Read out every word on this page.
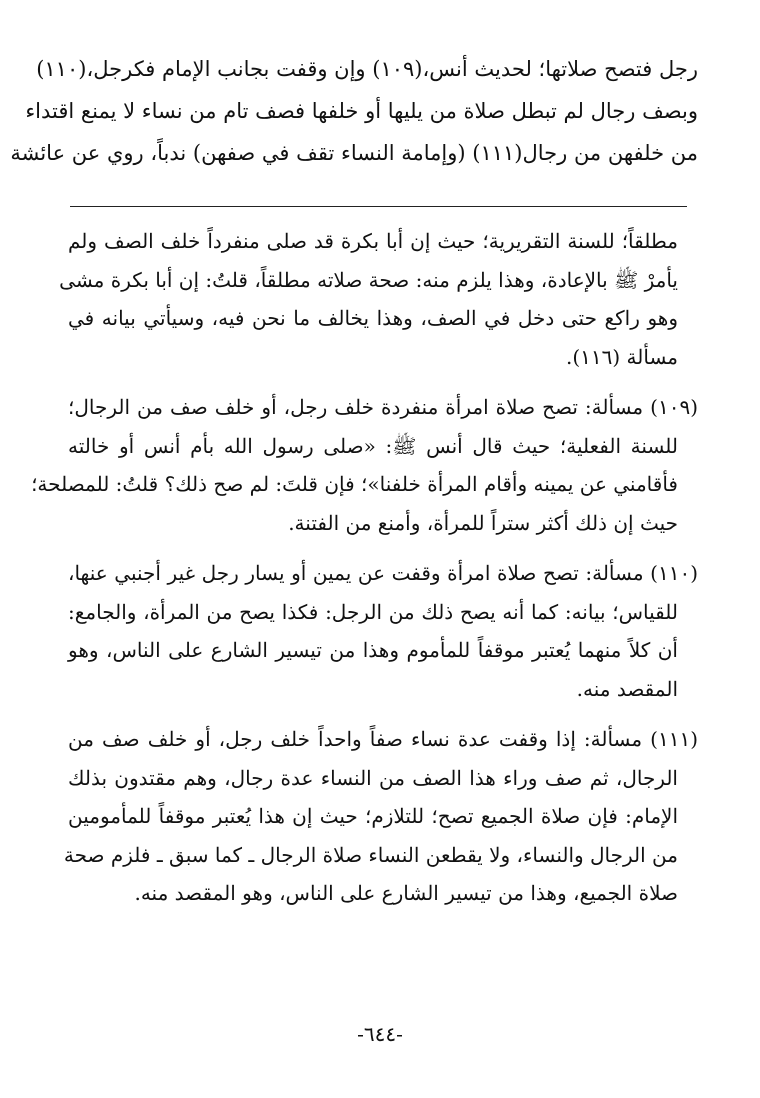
رجل فتصح صلاتها؛ لحديث أنس،(١٠٩) وإن وقفت بجانب الإمام فكرجل،(١١٠)
وبصف رجال لم تبطل صلاة من يليها أو خلفها فصف تام من نساء لا يمنع اقتداء
من خلفهن من رجال(١١١) (وإمامة النساء تقف في صفهن) ندباً، روي عن عائشة
مطلقاً؛ للسنة التقريرية؛ حيث إن أبا بكرة قد صلى منفرداً خلف الصف ولم
يأمرْ ﷺ بالإعادة، وهذا يلزم منه: صحة صلاته مطلقاً، قلتُ: إن أبا بكرة مشى
وهو راكع حتى دخل في الصف، وهذا يخالف ما نحن فيه، وسيأتي بيانه في
مسألة (١١٦).
(١٠٩) مسألة: تصح صلاة امرأة منفردة خلف رجل، أو خلف صف من الرجال؛
للسنة الفعلية؛ حيث قال أنس ﷺ: «صلى رسول الله بأم أنس أو خالته
فأقامني عن يمينه وأقام المرأة خلفنا»؛ فإن قلتَ: لم صح ذلك؟ قلتُ: للمصلحة؛
حيث إن ذلك أكثر ستراً للمرأة، وأمنع من الفتنة.
(١١٠) مسألة: تصح صلاة امرأة وقفت عن يمين أو يسار رجل غير أجنبي عنها،
للقياس؛ بيانه: كما أنه يصح ذلك من الرجل: فكذا يصح من المرأة، والجامع:
أن كلاً منهما يُعتبر موقفاً للمأموم وهذا من تيسير الشارع على الناس، وهو
المقصد منه.
(١١١) مسألة: إذا وقفت عدة نساء صفاً واحداً خلف رجل، أو خلف صف من
الرجال، ثم صف وراء هذا الصف من النساء عدة رجال، وهم مقتدون بذلك
الإمام: فإن صلاة الجميع تصح؛ للتلازم؛ حيث إن هذا يُعتبر موقفاً للمأمومين
من الرجال والنساء، ولا يقطعن النساء صلاة الرجال ـ كما سبق ـ فلزم صحة
صلاة الجميع، وهذا من تيسير الشارع على الناس، وهو المقصد منه.
-٦٤٤-
